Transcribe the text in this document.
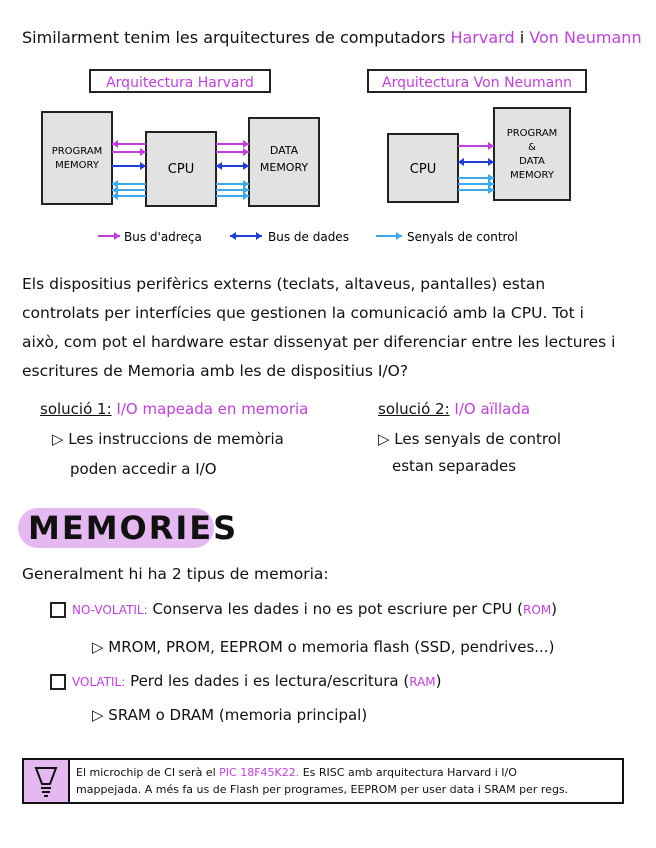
Similarment tenim les arquitectures de computadors Harvard i Von Neumann
Arquitectura Harvard	Arquitectura Von Neumann
PROGRAM
MEMORY	CPU
DATA
MEMORY	CPU
PROGRAM
&
DATA
MEMORY
Bus d'adreça	Bus de dades	Senyals de control
Els dispositius perifèrics externs (teclats, altaveus, pantalles) estan
controlats per interfícies que gestionen la comunicació amb la CPU. Tot i
això, com pot el hardware estar dissenyat per diferenciar entre les lectures i
escritures de Memoria amb les de dispositius I/O?
solució 1: I/O mapeada en memoria
▷ Les instruccions de memòria
poden accedir a I/O
solució 2: I/O aïllada
▷ Les senyals de control
estan separades
MEMORIES
Generalment hi ha 2 tipus de memoria:
NO-VOLATIL: Conserva les dades i no es pot escriure per CPU (ROM)
▷ MROM, PROM, EEPROM o memoria flash (SSD, pendrives...)
VOLATIL: Perd les dades i es lectura/escritura (RAM)
▷ SRAM o DRAM (memoria principal)
El microchip de CI serà el PIC 18F45K22. Es RISC amb arquitectura Harvard i I/O
mappejada. A més fa us de Flash per programes, EEPROM per user data i SRAM per regs.
